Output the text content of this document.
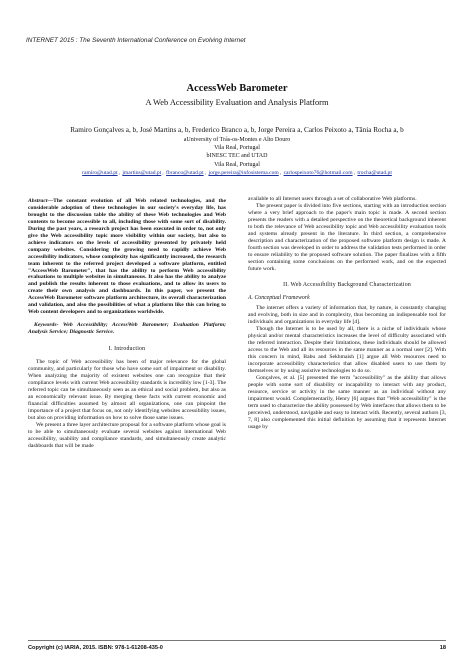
INTERNET 2015 : The Seventh International Conference on Evolving Internet
AccessWeb Barometer
A Web Accessibility Evaluation and Analysis Platform
Ramiro Gonçalves a, b, José Martins a, b, Frederico Branco a, b, Jorge Pereira a, Carlos Peixoto a, Tânia Rocha a, b
aUniversity of Trás-os-Montes e Alto Douro
Vila Real, Portugal
bINESC TEC and UTAD
Vila Real, Portugal
ramiro@utad.pt, jmartins@utad.pt, fbranco@utad.pt, jorge.pereira@infosistema.com, carlospeixoto76@hotmail.com, trocha@utad.pt

Abstract—The constant evolution of all Web related technologies, and the considerable adoption of these technologies in our society's everyday life, has brought to the discussion table the ability of these Web technologies and Web contents to become accessible to all, including those with some sort of disability. During the past years, a research project has been executed in order to, not only give the Web accessibility topic more visibility within our society, but also to achieve indicators on the levels of accessibility presented by privately held company websites. Considering the growing need to rapidly achieve Web accessibility indicators, whose complexity has significantly increased, the research team inherent to the referred project developed a software platform, entitled "AccessWeb Barometer", that has the ability to perform Web accessibility evaluations to multiple websites in simultaneous. It also has the ability to analyze and publish the results inherent to those evaluations, and to allow its users to create their own analysis and dashboards. In this paper, we present the AccessWeb Barometer software platform architecture, its overall characterization and validation, and also the possibilities of what a platform like this can bring to Web content developers and to organizations worldwide.

Keywords- Web Accessibility; AccessWeb Barometer; Evaluation Platform; Analysis Service; Diagnostic Service.

I. Introduction

The topic of Web accessibility has been of major relevance for the global community, and particularly for those who have some sort of impairment or disability. When analyzing the majority of existent websites one can recognize that their compliance levels with current Web accessibility standards is incredibly low [1-3]. The referred topic can be simultaneously seen as an ethical and social problem, but also as an economically relevant issue. By merging these facts with current economic and financial difficulties assumed by almost all organizations, one can pinpoint the importance of a project that focus on, not only identifying websites accessibility issues, but also on providing information on how to solve those same issues.

We present a three layer architecture proposal for a software platform whose goal is to be able to simultaneously evaluate several websites against international Web accessibility, usability and compliance standards, and simultaneously create analytic dashboards that will be made

available to all Internet users through a set of collaborative Web platforms.

The present paper is divided into five sections, starting with an introduction section where a very brief approach to the paper's main topic is made. A second section presents the readers with a detailed perspective on the theoretical background inherent to both the relevance of Web accessibility topic and Web accessibility evaluation tools and systems already present in the literature. In third section, a comprehensive description and characterization of the proposed software platform design is made. A fourth section was developed in order to address the validation tests performed in order to ensure reliability to the proposed software solution. The paper finalizes with a fifth section containing some conclusions on the performed work, and on the expected future work.

II. Web Accessibility Background Characterization
A. Conceptual Framework

The internet offers a variety of information that, by nature, is constantly changing and evolving, both in size and in complexity, thus becoming an indispensable tool for individuals and organizations in everyday life [4].

Though the Internet is to be used by all, there is a niche of individuals whose physical and/or mental characteristics increases the level of difficulty associated with the referred interaction. Despite their limitations, these individuals should be allowed access to the Web and all its resources in the same manner as a normal user [2]. With this concern in mind, Babu and Sekhmaish [1] argue all Web resources need to incorporate accessibility characteristics that allow disabled users to use them by themselves or by using assistive technologies to do so.

Gonçalves, et al. [5] presented the term "accessibility" as the ability that allows people with some sort of disability or incapability to interact with any product, resource, service or activity in the same manner as an individual without any impairment would. Complementarily, Henry [6] argues that "Web accessibility" is the term used to characterize the ability possessed by Web interfaces that allows them to be perceived, understood, navigable and easy to interact with. Recently, several authors [3, 7, 8] also complemented this initial definition by assuming that it represents Internet usage by

Copyright (c) IARIA, 2015. ISBN: 978-1-61208-435-0	18
